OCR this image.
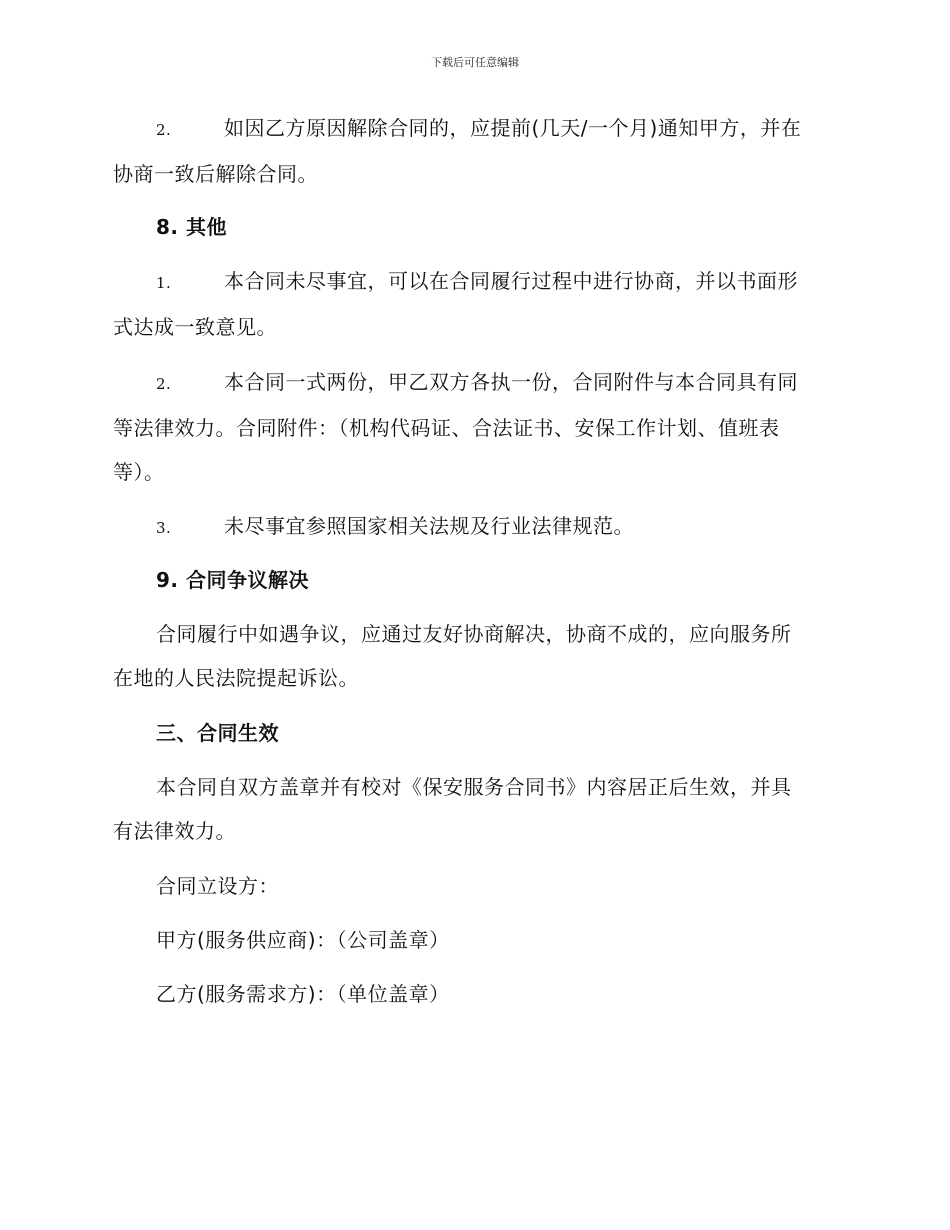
下载后可任意编辑
2.	如因乙方原因解除合同的，应提前(几天/一个月)通知甲方，并在
协商一致后解除合同。
8. 其他
1.	本合同未尽事宜，可以在合同履行过程中进行协商，并以书面形
式达成一致意见。
2.	本合同一式两份，甲乙双方各执一份，合同附件与本合同具有同
等法律效力。合同附件：（机构代码证、合法证书、安保工作计划、值班表
等）。
3.	未尽事宜参照国家相关法规及行业法律规范。
9. 合同争议解决
合同履行中如遇争议，应通过友好协商解决，协商不成的，应向服务所
在地的人民法院提起诉讼。
三、合同生效
本合同自双方盖章并有校对《保安服务合同书》内容居正后生效，并具
有法律效力。
合同立设方：
甲方(服务供应商)：（公司盖章）
乙方(服务需求方)：（单位盖章）
